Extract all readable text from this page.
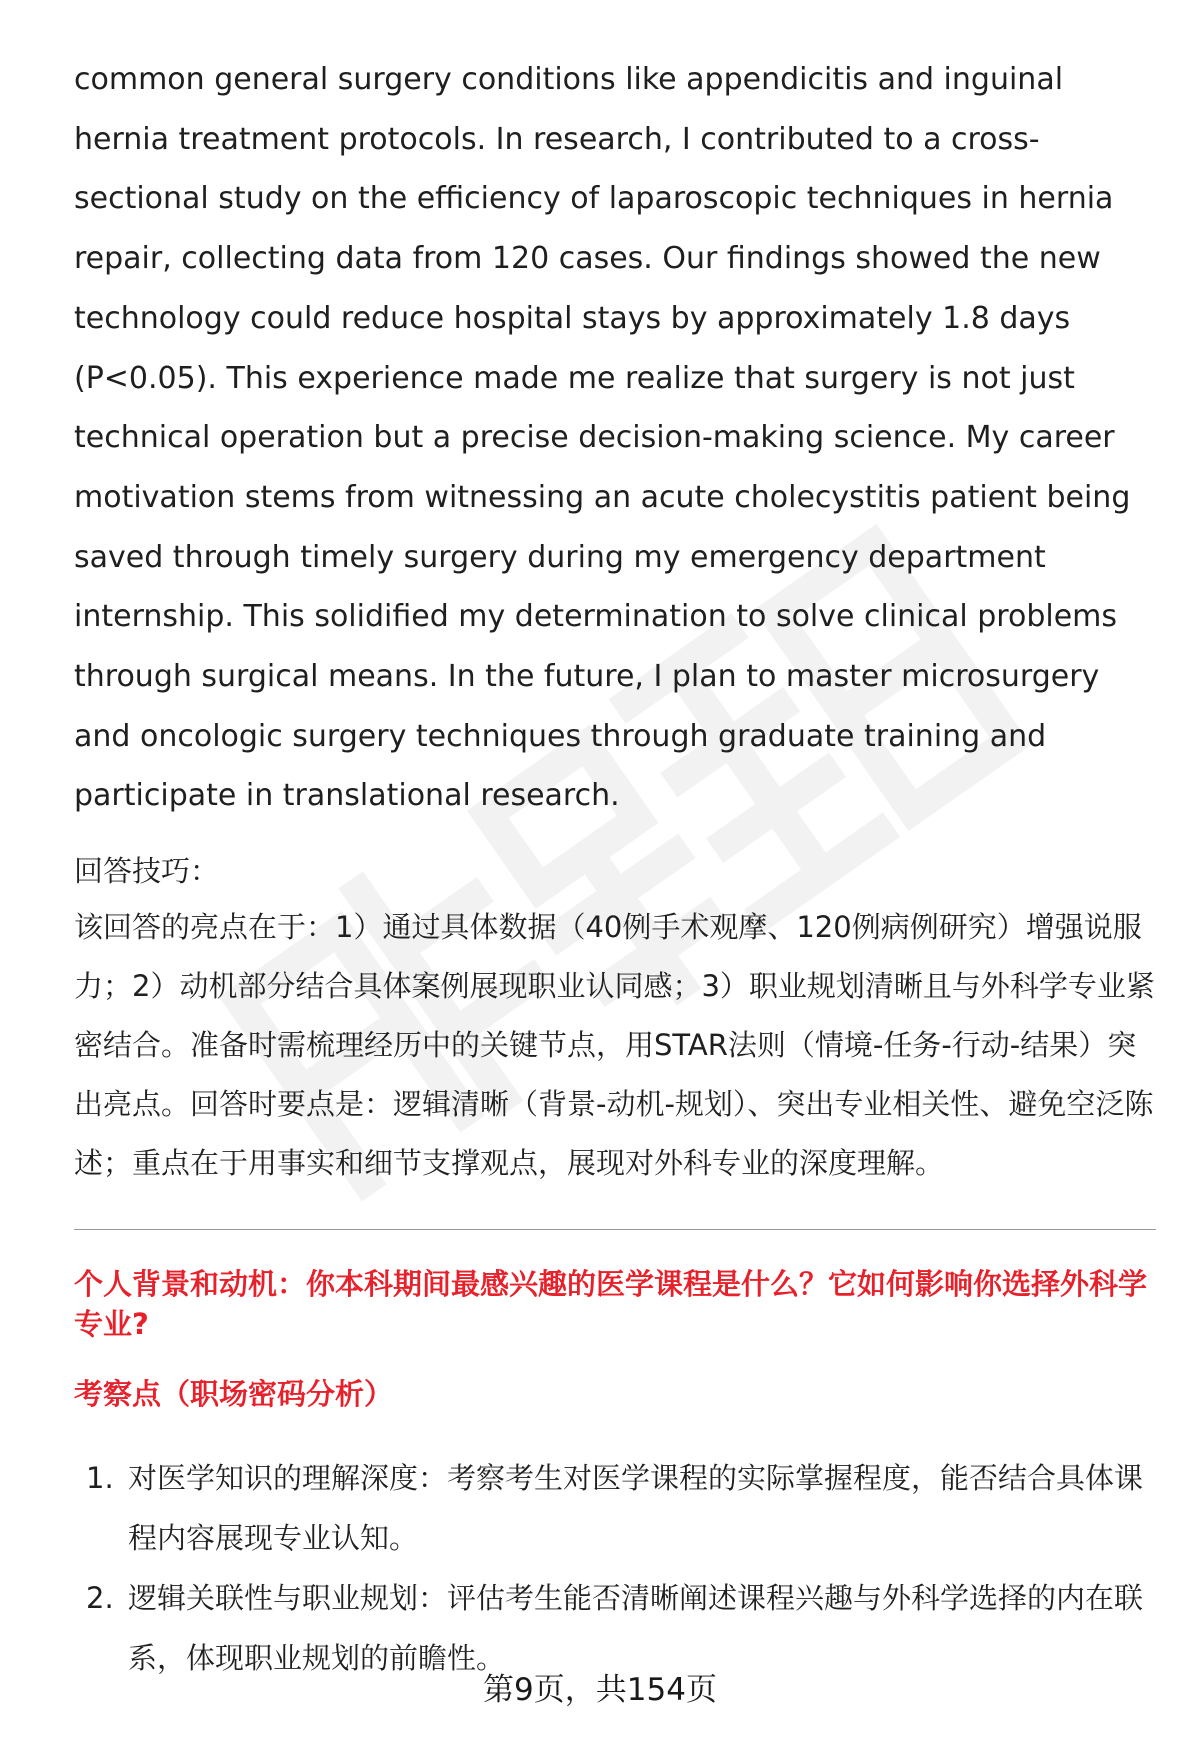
common general surgery conditions like appendicitis and inguinal hernia treatment protocols. In research, I contributed to a cross-sectional study on the efficiency of laparoscopic techniques in hernia repair, collecting data from 120 cases. Our findings showed the new technology could reduce hospital stays by approximately 1.8 days (P<0.05). This experience made me realize that surgery is not just technical operation but a precise decision-making science. My career motivation stems from witnessing an acute cholecystitis patient being saved through timely surgery during my emergency department internship. This solidified my determination to solve clinical problems through surgical means. In the future, I plan to master microsurgery and oncologic surgery techniques through graduate training and participate in translational research.

回答技巧：
该回答的亮点在于：1）通过具体数据（40例手术观摩、120例病例研究）增强说服力；2）动机部分结合具体案例展现职业认同感；3）职业规划清晰且与外科学专业紧密结合。准备时需梳理经历中的关键节点，用STAR法则（情境-任务-行动-结果）突出亮点。回答时要点是：逻辑清晰（背景-动机-规划）、突出专业相关性、避免空泛陈述；重点在于用事实和细节支撑观点，展现对外科专业的深度理解。
个人背景和动机：你本科期间最感兴趣的医学课程是什么？它如何影响你选择外科学专业?
考察点（职场密码分析）
1. 对医学知识的理解深度：考察考生对医学课程的实际掌握程度，能否结合具体课程内容展现专业认知。
2. 逻辑关联性与职业规划：评估考生能否清晰阐述课程兴趣与外科学选择的内在联系，体现职业规划的前瞻性。
第9页，共154页
